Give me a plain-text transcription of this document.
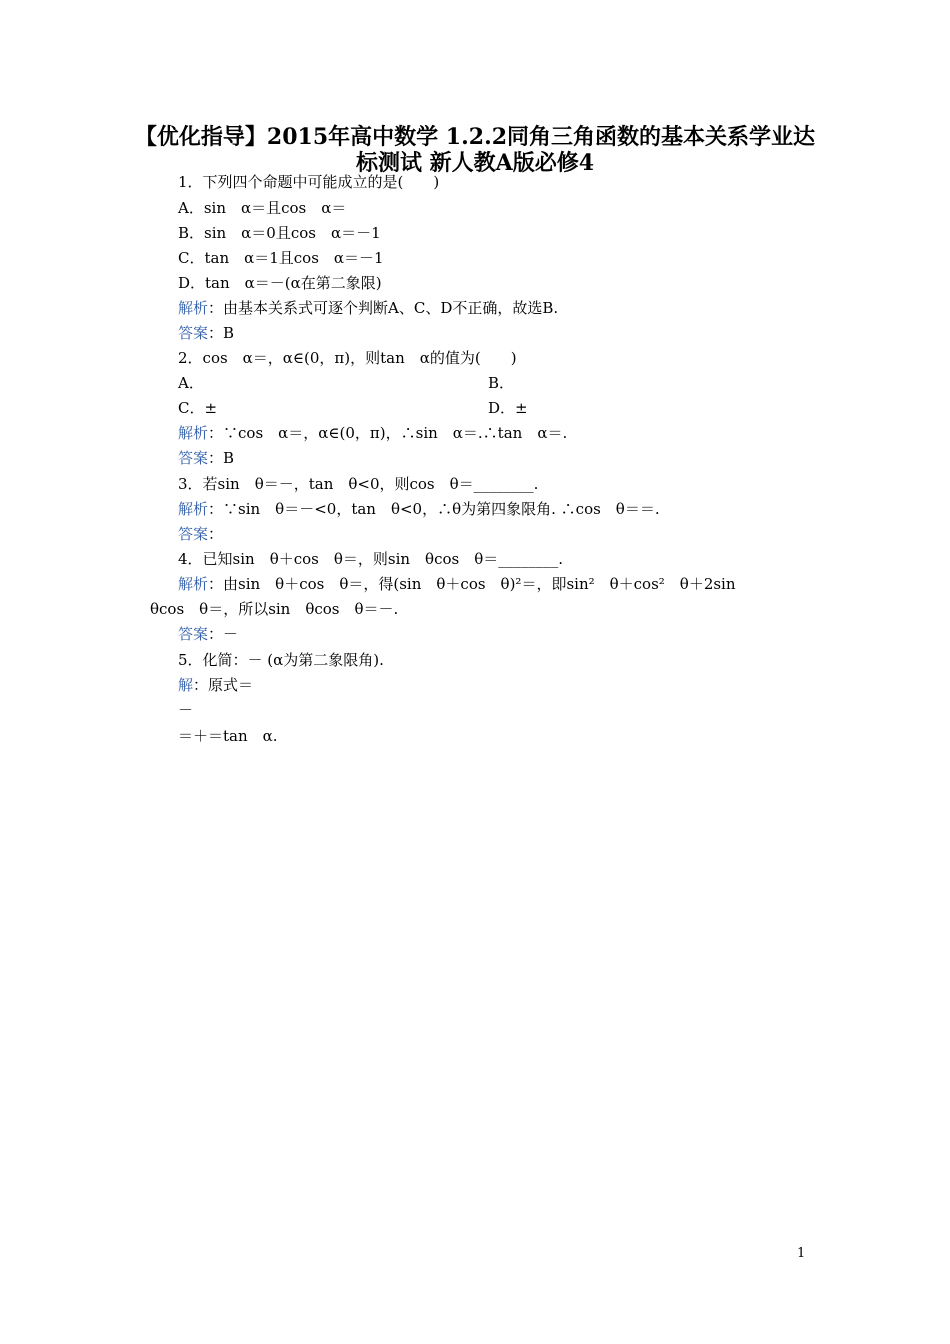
【优化指导】2015年高中数学 1.2.2同角三角函数的基本关系学业达
标测试 新人教A版必修4
1．下列四个命题中可能成立的是(　　)
A．sin　α＝且cos　α＝
B．sin　α＝0且cos　α＝－1
C．tan　α＝1且cos　α＝－1
D．tan　α＝－(α在第二象限)
解析：由基本关系式可逐个判断A、C、D不正确，故选B.
答案：B
2．cos　α＝，α∈(0，π)，则tan　α的值为(　　)
A．	B．
C．±	D．±
解析：∵cos　α＝，α∈(0，π)，∴sin　α＝.∴tan　α＝.
答案：B
3．若sin　θ＝－，tan　θ<0，则cos　θ＝________.
解析：∵sin　θ＝－<0，tan　θ<0，∴θ为第四象限角. ∴cos　θ＝＝.
答案：
4．已知sin　θ＋cos　θ＝，则sin　θcos　θ＝________.
解析：由sin　θ＋cos　θ＝，得(sin　θ＋cos　θ)²＝，即sin²　θ＋cos²　θ＋2sin
θcos　θ＝，所以sin　θcos　θ＝－.
答案：－
5．化简：－ (α为第二象限角).
解：原式＝
－
＝＋＝tan　α.
1
